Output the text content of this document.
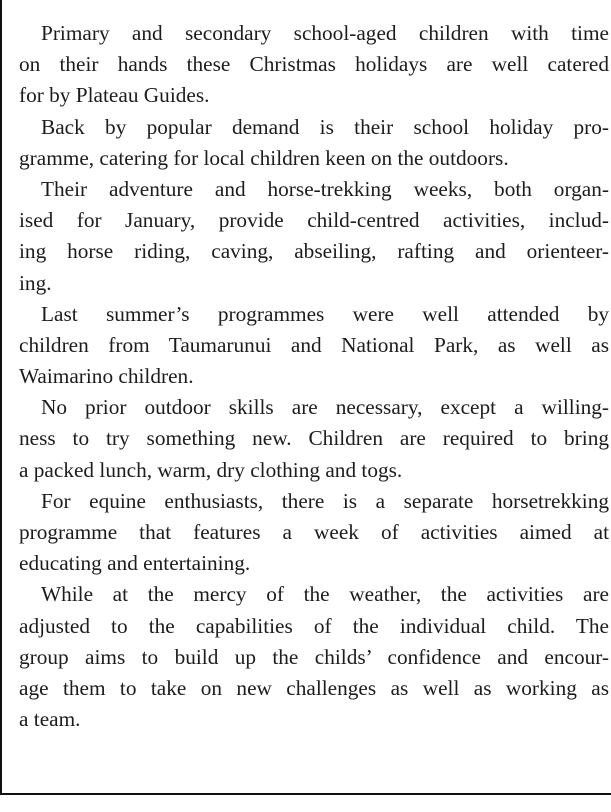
Primary and secondary school-aged children with time
on their hands these Christmas holidays are well catered
for by Plateau Guides.
Back by popular demand is their school holiday pro-
gramme, catering for local children keen on the outdoors.
Their adventure and horse-trekking weeks, both organ-
ised for January, provide child-centred activities, includ-
ing horse riding, caving, abseiling, rafting and orienteer-
ing.
Last summer’s programmes were well attended by
children from Taumarunui and National Park, as well as
Waimarino children.
No prior outdoor skills are necessary, except a willing-
ness to try something new. Children are required to bring
a packed lunch, warm, dry clothing and togs.
For equine enthusiasts, there is a separate horsetrekking
programme that features a week of activities aimed at
educating and entertaining.
While at the mercy of the weather, the activities are
adjusted to the capabilities of the individual child. The
group aims to build up the childs’ confidence and encour-
age them to take on new challenges as well as working as
a team.
